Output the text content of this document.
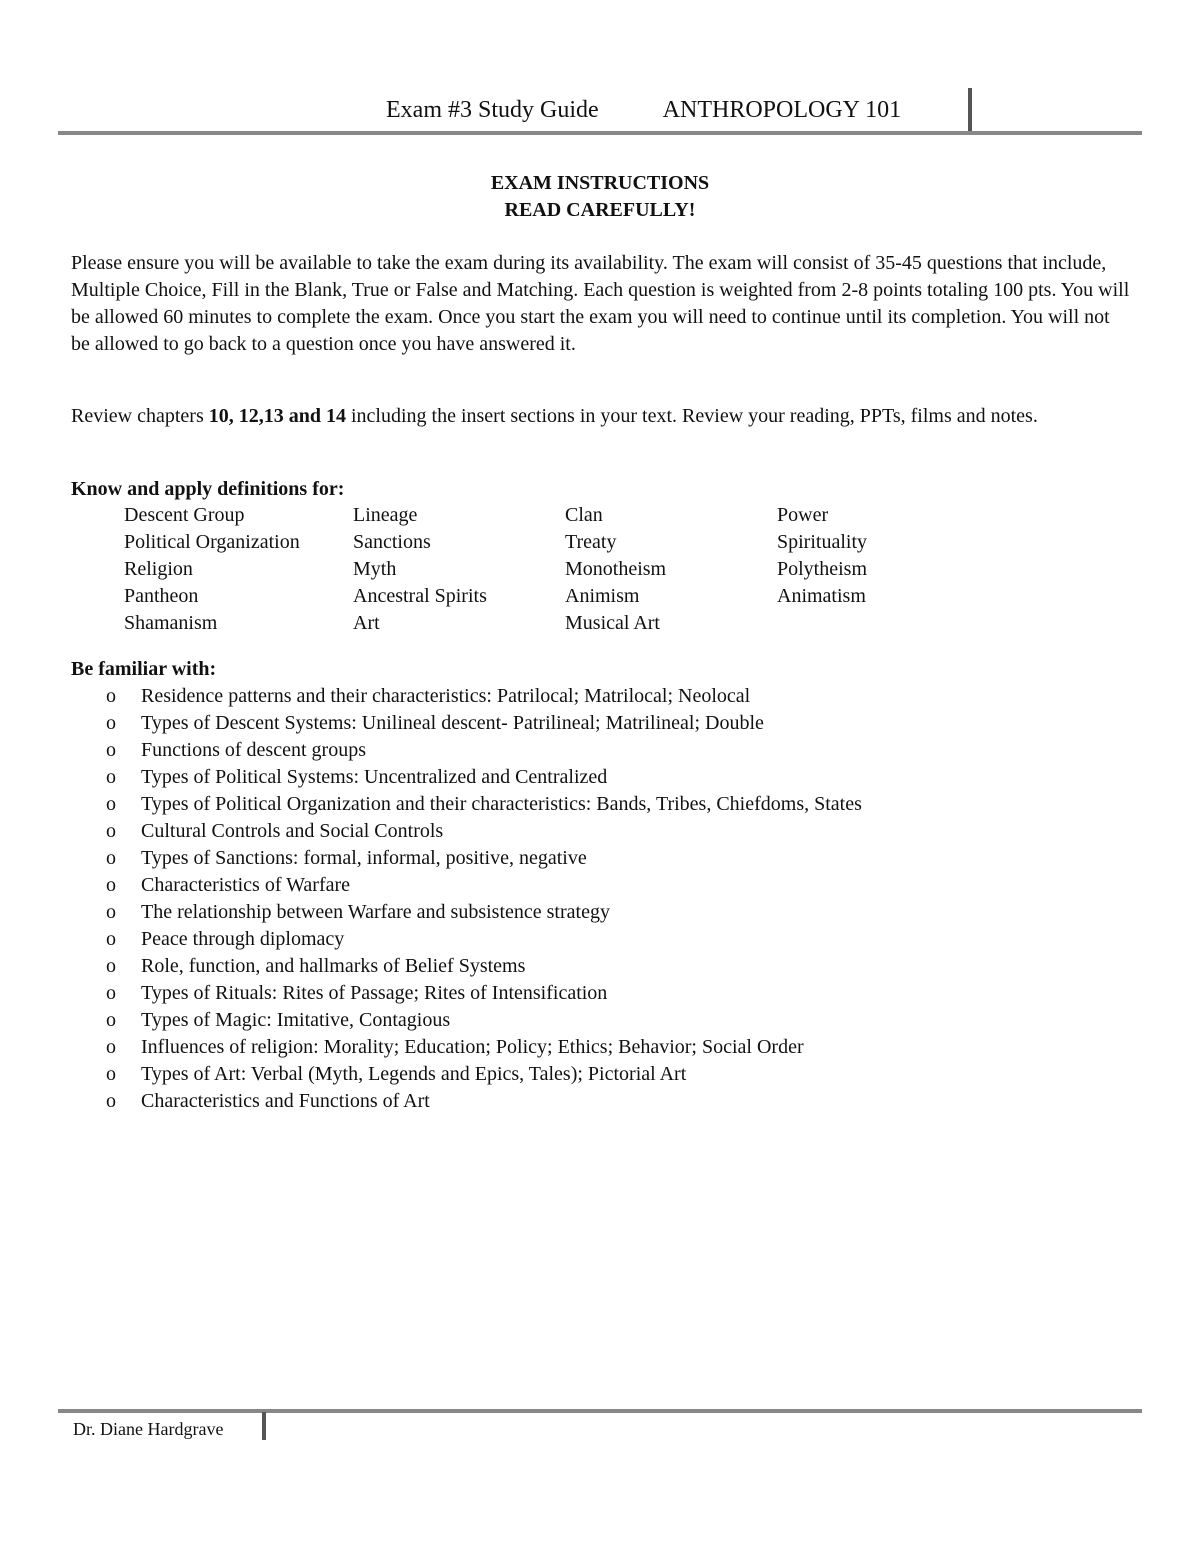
Exam #3 Study Guide	ANTHROPOLOGY 101
EXAM INSTRUCTIONS
READ CAREFULLY!
Please ensure you will be available to take the exam during its availability. The exam will consist of 35-45 questions that include, Multiple Choice, Fill in the Blank, True or False and Matching. Each question is weighted from 2-8 points totaling 100 pts. You will be allowed 60 minutes to complete the exam. Once you start the exam you will need to continue until its completion. You will not be allowed to go back to a question once you have answered it.
Review chapters 10, 12,13 and 14 including the insert sections in your text. Review your reading, PPTs, films and notes.
Know and apply definitions for:
Descent Group	Lineage	Clan	Power
Political Organization	Sanctions	Treaty	Spirituality
Religion	Myth	Monotheism	Polytheism
Pantheon	Ancestral Spirits	Animism	Animatism
Shamanism	Art	Musical Art
Be familiar with:
o Residence patterns and their characteristics: Patrilocal; Matrilocal; Neolocal
o Types of Descent Systems: Unilineal descent- Patrilineal; Matrilineal; Double
o Functions of descent groups
o Types of Political Systems: Uncentralized and Centralized
o Types of Political Organization and their characteristics: Bands, Tribes, Chiefdoms, States
o Cultural Controls and Social Controls
o Types of Sanctions: formal, informal, positive, negative
o Characteristics of Warfare
o The relationship between Warfare and subsistence strategy
o Peace through diplomacy
o Role, function, and hallmarks of Belief Systems
o Types of Rituals: Rites of Passage; Rites of Intensification
o Types of Magic: Imitative, Contagious
o Influences of religion: Morality; Education; Policy; Ethics; Behavior; Social Order
o Types of Art: Verbal (Myth, Legends and Epics, Tales); Pictorial Art
o Characteristics and Functions of Art
Dr. Diane Hardgrave
